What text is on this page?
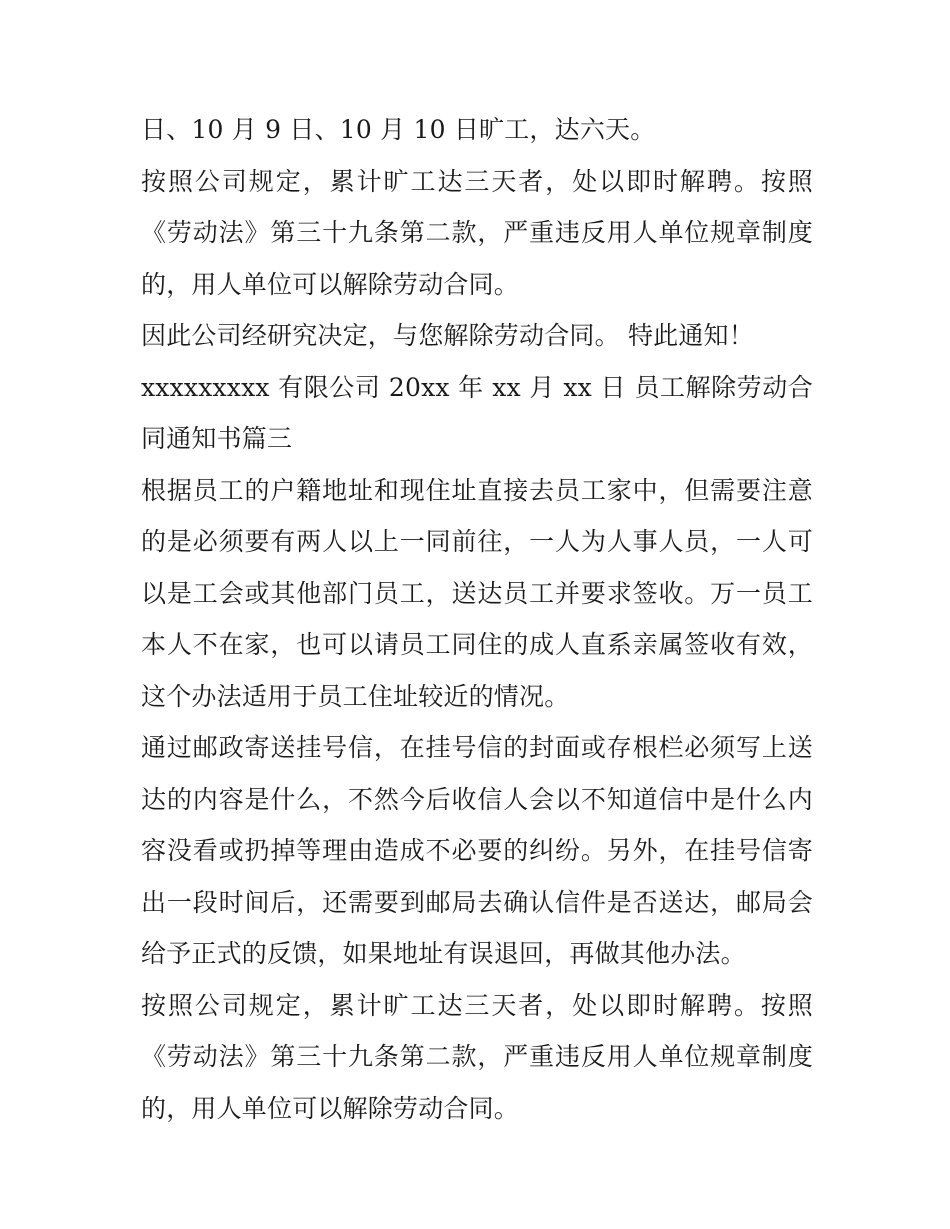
日、10 月 9 日、10 月 10 日旷工，达六天。

按照公司规定，累计旷工达三天者，处以即时解聘。按照《劳动法》第三十九条第二款，严重违反用人单位规章制度的，用人单位可以解除劳动合同。

因此公司经研究决定，与您解除劳动合同。 特此通知！

xxxxxxxxx 有限公司 20xx 年 xx 月 xx 日 员工解除劳动合同通知书篇三

根据员工的户籍地址和现住址直接去员工家中，但需要注意的是必须要有两人以上一同前往，一人为人事人员，一人可以是工会或其他部门员工，送达员工并要求签收。万一员工本人不在家，也可以请员工同住的成人直系亲属签收有效，这个办法适用于员工住址较近的情况。

通过邮政寄送挂号信，在挂号信的封面或存根栏必须写上送达的内容是什么，不然今后收信人会以不知道信中是什么内容没看或扔掉等理由造成不必要的纠纷。另外，在挂号信寄出一段时间后，还需要到邮局去确认信件是否送达，邮局会给予正式的反馈，如果地址有误退回，再做其他办法。

按照公司规定，累计旷工达三天者，处以即时解聘。按照《劳动法》第三十九条第二款，严重违反用人单位规章制度的，用人单位可以解除劳动合同。
